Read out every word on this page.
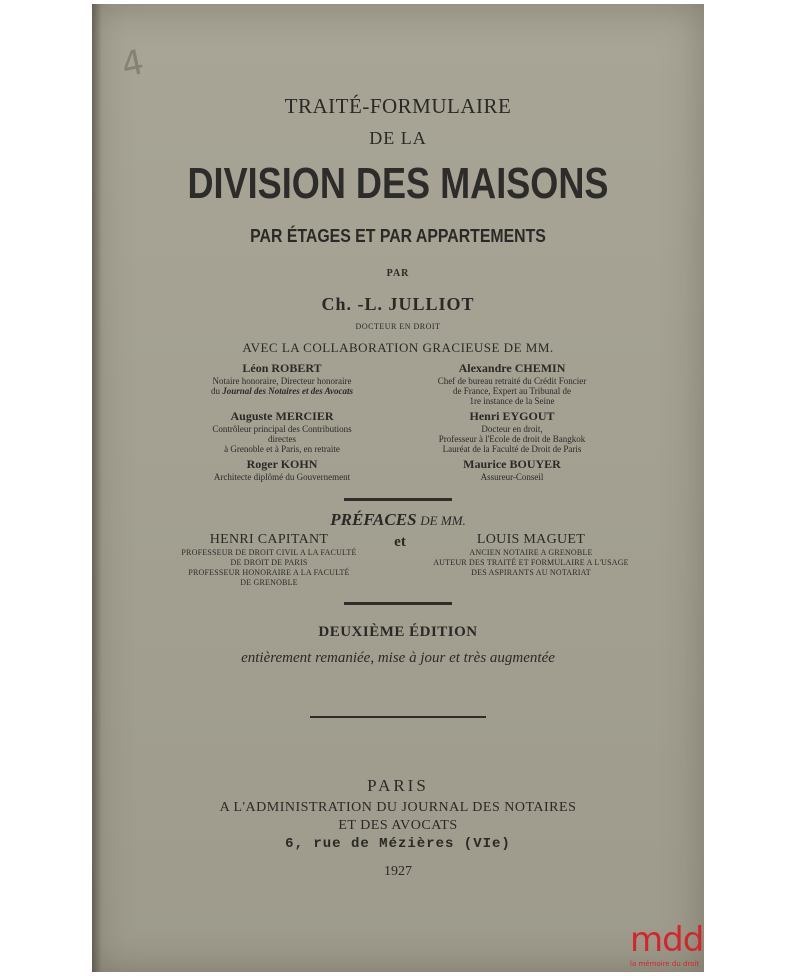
4
TRAITÉ-FORMULAIRE
DE LA
DIVISION DES MAISONS
PAR ÉTAGES ET PAR APPARTEMENTS
PAR
Ch. -L. JULLIOT
DOCTEUR EN DROIT
AVEC LA COLLABORATION GRACIEUSE DE MM.
Léon ROBERT
Notaire honoraire, Directeur honoraire
du Journal des Notaires et des Avocats
Alexandre CHEMIN
Chef de bureau retraité du Crédit Foncier
de France, Expert au Tribunal de
1re instance de la Seine
Auguste MERCIER
Contrôleur principal des Contributions
directes
à Grenoble et à Paris, en retraite
Henri EYGOUT
Docteur en droit,
Professeur à l'Ecole de droit de Bangkok
Lauréat de la Faculté de Droit de Paris
Roger KOHN
Architecte diplômé du Gouvernement
Maurice BOUYER
Assureur-Conseil
PRÉFACES DE MM.
HENRI CAPITANT
PROFESSEUR DE DROIT CIVIL A LA FACULTÉ
DE DROIT DE PARIS
PROFESSEUR HONORAIRE A LA FACULTÉ
DE GRENOBLE
et	LOUIS MAGUET
ANCIEN NOTAIRE A GRENOBLE
AUTEUR DES TRAITÉ ET FORMULAIRE A L'USAGE
DES ASPIRANTS AU NOTARIAT
DEUXIÈME ÉDITION
entièrement remaniée, mise à jour et très augmentée
PARIS
A L'ADMINISTRATION DU JOURNAL DES NOTAIRES
ET DES AVOCATS
6, rue de Mézières (VIe)
1927
mdd
la mémoire du droit
